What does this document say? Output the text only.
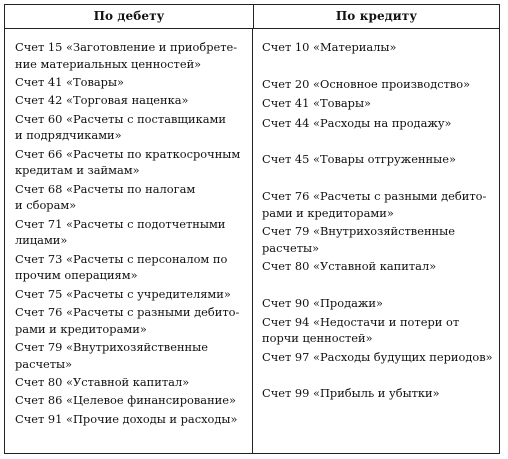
По дебету	По кредиту
Счет 15 «Заготовление и приобрете-
ние материальных ценностей»
Счет 41 «Товары»
Счет 42 «Торговая наценка»
Счет 60 «Расчеты с поставщиками
и подрядчиками»
Счет 66 «Расчеты по краткосрочным
кредитам и займам»
Счет 68 «Расчеты по налогам
и сборам»
Счет 71 «Расчеты с подотчетными
лицами»
Счет 73 «Расчеты с персоналом по
прочим операциям»
Счет 75 «Расчеты с учредителями»
Счет 76 «Расчеты с разными дебито-
рами и кредиторами»
Счет 79 «Внутрихозяйственные
расчеты»
Счет 80 «Уставной капитал»
Счет 86 «Целевое финансирование»
Счет 91 «Прочие доходы и расходы»
Счет 10 «Материалы»
Счет 20 «Основное производство»
Счет 41 «Товары»
Счет 44 «Расходы на продажу»
Счет 45 «Товары отгруженные»
Счет 76 «Расчеты с разными дебито-
рами и кредиторами»
Счет 79 «Внутрихозяйственные
расчеты»
Счет 80 «Уставной капитал»
Счет 90 «Продажи»
Счет 94 «Недостачи и потери от
порчи ценностей»
Счет 97 «Расходы будущих периодов»
Счет 99 «Прибыль и убытки»
